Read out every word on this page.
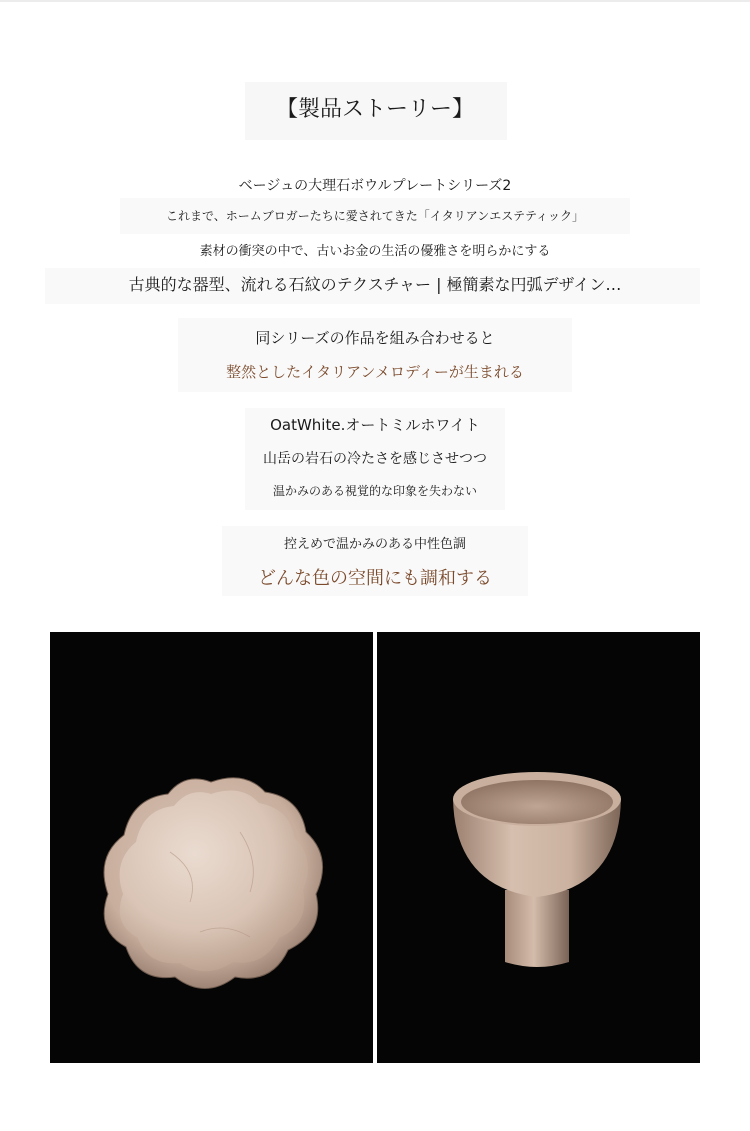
【製品ストーリー】
ベージュの大理石ボウルプレートシリーズ2
これまで、ホームブロガーたちに愛されてきた「イタリアンエステティック」
素材の衝突の中で、古いお金の生活の優雅さを明らかにする
古典的な器型、流れる石紋のテクスチャー | 極簡素な円弧デザイン…
同シリーズの作品を組み合わせると
整然としたイタリアンメロディーが生まれる
OatWhite.オートミルホワイト
山岳の岩石の冷たさを感じさせつつ
温かみのある視覚的な印象を失わない
控えめで温かみのある中性色調
どんな色の空間にも調和する
